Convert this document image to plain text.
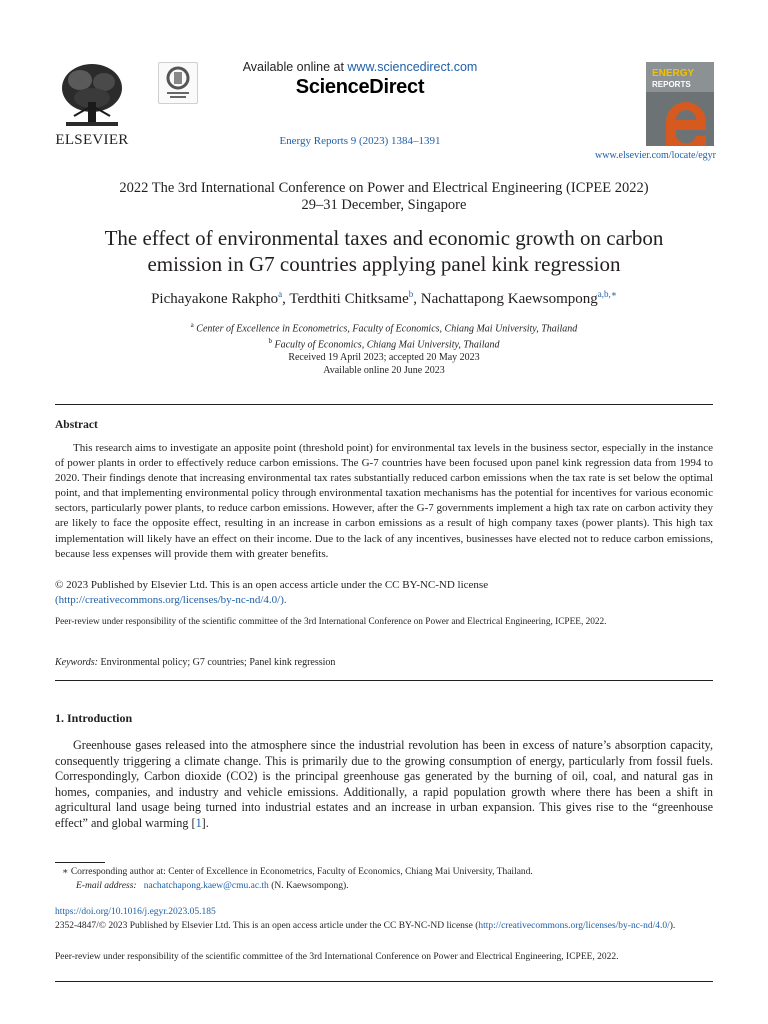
ELSEVIER
Available online at www.sciencedirect.com
ScienceDirect
Energy Reports 9 (2023) 1384–1391
ENERGY
REPORTS
www.elsevier.com/locate/egyr
2022 The 3rd International Conference on Power and Electrical Engineering (ICPEE 2022)
29–31 December, Singapore
The effect of environmental taxes and economic growth on carbon
emission in G7 countries applying panel kink regression
Pichayakone Rakpho$^a$, Terdthiti Chitksame$^b$, Nachattapong Kaewsompong$^{a,b,∗}$
$^a$ Center of Excellence in Econometrics, Faculty of Economics, Chiang Mai University, Thailand
$^b$ Faculty of Economics, Chiang Mai University, Thailand
Received 19 April 2023; accepted 20 May 2023
Available online 20 June 2023
Abstract

This research aims to investigate an apposite point (threshold point) for environmental tax levels in the business sector, especially in the instance of power plants in order to effectively reduce carbon emissions. The G-7 countries have been focused upon panel kink regression data from 1994 to 2020. Their findings denote that increasing environmental tax rates substantially reduced carbon emissions when the tax rate is set below the optimal point, and that implementing environmental policy through environmental taxation mechanisms has the potential for incentives for various economic sectors, particularly power plants, to reduce carbon emissions. However, after the G-7 governments implement a high tax rate on carbon activity they are likely to face the opposite effect, resulting in an increase in carbon emissions as a result of high company taxes (power plants). This high tax implementation will likely have an effect on their income. Due to the lack of any incentives, businesses have elected not to reduce carbon emissions, because less expenses will provide them with greater benefits.

© 2023 Published by Elsevier Ltd. This is an open access article under the CC BY-NC-ND license
(http://creativecommons.org/licenses/by-nc-nd/4.0/).
Peer-review under responsibility of the scientific committee of the 3rd International Conference on Power and Electrical Engineering, ICPEE, 2022.
Keywords: Environmental policy; G7 countries; Panel kink regression
1. Introduction

Greenhouse gases released into the atmosphere since the industrial revolution has been in excess of nature’s absorption capacity, consequently triggering a climate change. This is primarily due to the growing consumption of energy, particularly from fossil fuels. Correspondingly, Carbon dioxide (CO2) is the principal greenhouse gas generated by the burning of oil, coal, and natural gas in homes, companies, and industry and vehicle emissions. Additionally, a rapid population growth where there has been a shift in agricultural land usage being turned into industrial estates and an increase in urban expansion. This gives rise to the “greenhouse effect” and global warming [1].

∗ Corresponding author at: Center of Excellence in Econometrics, Faculty of Economics, Chiang Mai University, Thailand.
E-mail address: nachatchapong.kaew@cmu.ac.th (N. Kaewsompong).
https://doi.org/10.1016/j.egyr.2023.05.185
2352-4847/© 2023 Published by Elsevier Ltd. This is an open access article under the CC BY-NC-ND license (http://creativecommons.org/licenses/by-nc-nd/4.0/).
Peer-review under responsibility of the scientific committee of the 3rd International Conference on Power and Electrical Engineering, ICPEE, 2022.
